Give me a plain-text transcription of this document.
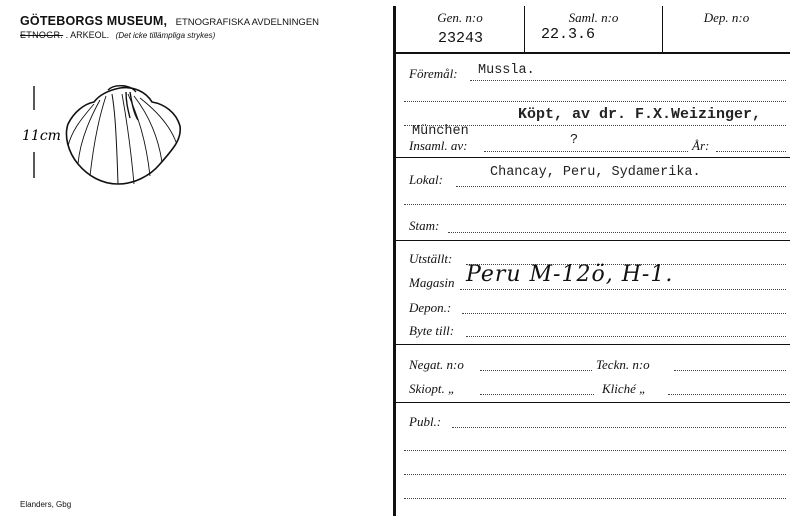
GÖTEBORGS MUSEUM, ETNOGRAFISKA AVDELNINGEN
ETNOGR. . ARKEOL. (Det icke tillämpliga strykes)
11cm
Elanders, Gbg
Gen. n:o
23243
Saml. n:o
22.3.6
Dep. n:o
Föremål: Mussla.
Köpt, av dr. F.X.Weizinger,
München
Insaml. av:	?	År:
Lokal:	Chancay, Peru, Sydamerika.
Stam:
Utställt:
Magasin Peru M-12ö, H-1.
Depon.:
Byte till:
Negat. n:o	Teckn. n:o
Skiopt. „	Kliché „
Publ.:
